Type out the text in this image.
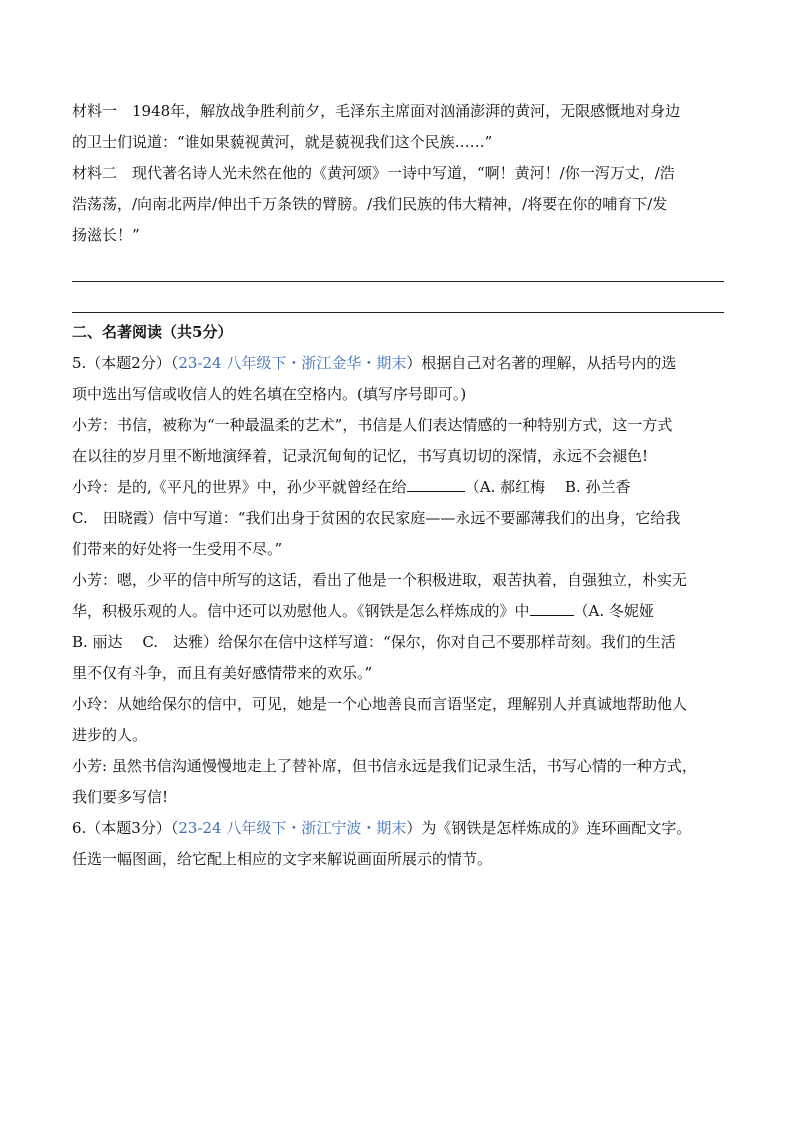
材料一　1948年，解放战争胜利前夕，毛泽东主席面对汹涌澎湃的黄河，无限感慨地对身边

的卫士们说道：“谁如果藐视黄河，就是藐视我们这个民族……”

材料二　现代著名诗人光未然在他的《黄河颂》一诗中写道，“啊！黄河！/你一泻万丈，/浩

浩荡荡，/向南北两岸/伸出千万条铁的臂膀。/我们民族的伟大精神，/将要在你的哺育下/发

扬滋长！”

二、名著阅读（共5分）

5.（本题2分）（23-24 八年级下・浙江金华・期末）根据自己对名著的理解，从括号内的选

项中选出写信或收信人的姓名填在空格内。(填写序号即可。)

小芳：书信，被称为“一种最温柔的艺术”，书信是人们表达情感的一种特别方式，这一方式

在以往的岁月里不断地演绎着，记录沉甸甸的记忆，书写真切切的深情，永远不会褪色!

小玲：是的,《平凡的世界》中，孙少平就曾经在给	（A. 郝红梅　 B. 孙兰香

C.　田晓霞）信中写道：“我们出身于贫困的农民家庭——永远不要鄙薄我们的出身，它给我

们带来的好处将一生受用不尽。”

小芳：嗯，少平的信中所写的这话，看出了他是一个积极进取，艰苦执着，自强独立，朴实无

华，积极乐观的人。信中还可以劝慰他人。《钢铁是怎么样炼成的》中	（A. 冬妮娅

B. 丽达　 C.　达雅）给保尔在信中这样写道：“保尔，你对自己不要那样苛刻。我们的生活

里不仅有斗争，而且有美好感情带来的欢乐。”

小玲：从她给保尔的信中，可见，她是一个心地善良而言语坚定，理解别人并真诚地帮助他人

进步的人。

小芳: 虽然书信沟通慢慢地走上了替补席，但书信永远是我们记录生活，书写心情的一种方式，

我们要多写信!

6.（本题3分）（23-24 八年级下・浙江宁波・期末）为《钢铁是怎样炼成的》连环画配文字。

任选一幅图画，给它配上相应的文字来解说画面所展示的情节。
